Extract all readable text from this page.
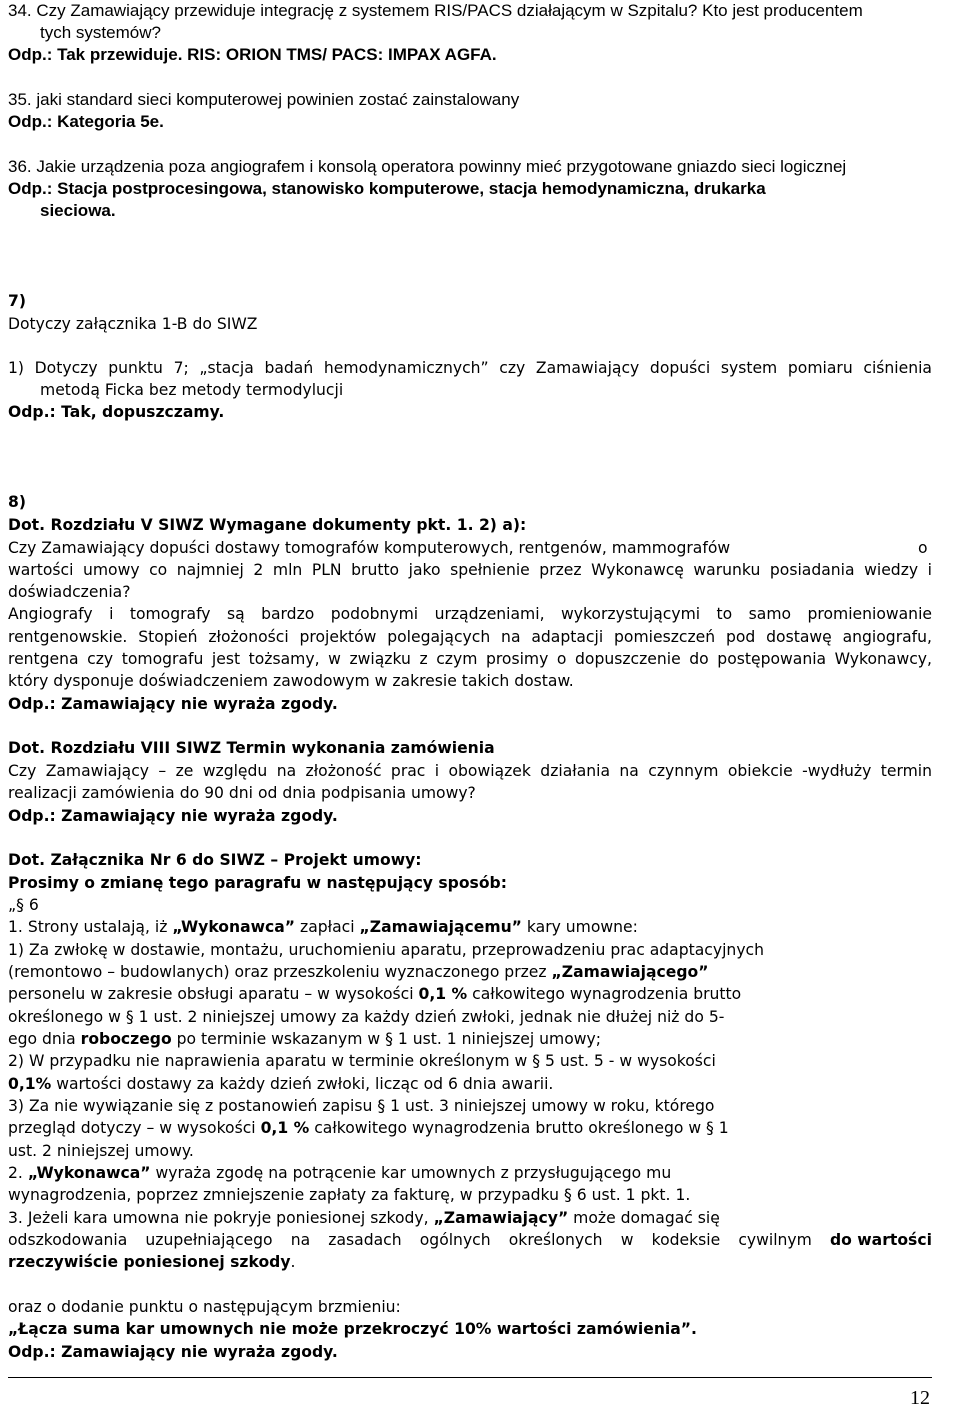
34. Czy Zamawiający przewiduje integrację z systemem RIS/PACS działającym w Szpitalu? Kto jest producentem
tych systemów?
Odp.: Tak przewiduje. RIS: ORION TMS/ PACS: IMPAX AGFA.
35. jaki standard sieci komputerowej powinien zostać zainstalowany
Odp.: Kategoria 5e.
36. Jakie urządzenia poza angiografem i konsolą operatora powinny mieć przygotowane gniazdo sieci logicznej
Odp.: Stacja postprocesingowa, stanowisko komputerowe, stacja hemodynamiczna, drukarka
sieciowa.
7)
Dotyczy załącznika 1-B do SIWZ
1) Dotyczy punktu 7; „stacja badań hemodynamicznych” czy Zamawiający dopuści system pomiaru ciśnienia
metodą Ficka bez metody termodylucji
Odp.: Tak, dopuszczamy.
8)
Dot. Rozdziału V SIWZ Wymagane dokumenty pkt. 1. 2) a):
Czy Zamawiający dopuści dostawy tomografów komputerowych, rentgenów, mammografów	o
wartości umowy co najmniej 2 mln PLN brutto jako spełnienie przez Wykonawcę warunku posiadania wiedzy i
doświadczenia?
Angiografy i tomografy są bardzo podobnymi urządzeniami, wykorzystującymi to samo promieniowanie
rentgenowskie. Stopień złożoności projektów polegających na adaptacji pomieszczeń pod dostawę angiografu,
rentgena czy tomografu jest tożsamy, w związku z czym prosimy o dopuszczenie do postępowania Wykonawcy,
który dysponuje doświadczeniem zawodowym w zakresie takich dostaw.
Odp.: Zamawiający nie wyraża zgody.
Dot. Rozdziału VIII SIWZ Termin wykonania zamówienia
Czy Zamawiający – ze względu na złożoność prac i obowiązek działania na czynnym obiekcie -wydłuży termin
realizacji zamówienia do 90 dni od dnia podpisania umowy?
Odp.: Zamawiający nie wyraża zgody.
Dot. Załącznika Nr 6 do SIWZ – Projekt umowy:
Prosimy o zmianę tego paragrafu w następujący sposób:
„§ 6
1. Strony ustalają, iż „Wykonawca” zapłaci „Zamawiającemu” kary umowne:
1) Za zwłokę w dostawie, montażu, uruchomieniu aparatu, przeprowadzeniu prac adaptacyjnych
(remontowo – budowlanych) oraz przeszkoleniu wyznaczonego przez „Zamawiającego”
personelu w zakresie obsługi aparatu – w wysokości 0,1 % całkowitego wynagrodzenia brutto
określonego w § 1 ust. 2 niniejszej umowy za każdy dzień zwłoki, jednak nie dłużej niż do 5-
ego dnia roboczego po terminie wskazanym w § 1 ust. 1 niniejszej umowy;
2) W przypadku nie naprawienia aparatu w terminie określonym w § 5 ust. 5 - w wysokości
0,1% wartości dostawy za każdy dzień zwłoki, licząc od 6 dnia awarii.
3) Za nie wywiązanie się z postanowień zapisu § 1 ust. 3 niniejszej umowy w roku, którego
przegląd dotyczy – w wysokości 0,1 % całkowitego wynagrodzenia brutto określonego w § 1
ust. 2 niniejszej umowy.
2. „Wykonawca” wyraża zgodę na potrącenie kar umownych z przysługującego mu
wynagrodzenia, poprzez zmniejszenie zapłaty za fakturę, w przypadku § 6 ust. 1 pkt. 1.
3. Jeżeli kara umowna nie pokryje poniesionej szkody, „Zamawiający” może domagać się
odszkodowania uzupełniającego na zasadach ogólnych określonych w kodeksie cywilnym do wartości
rzeczywiście poniesionej szkody.
oraz o dodanie punktu o następującym brzmieniu:
„Łącza suma kar umownych nie może przekroczyć 10% wartości zamówienia”.
Odp.: Zamawiający nie wyraża zgody.
12
